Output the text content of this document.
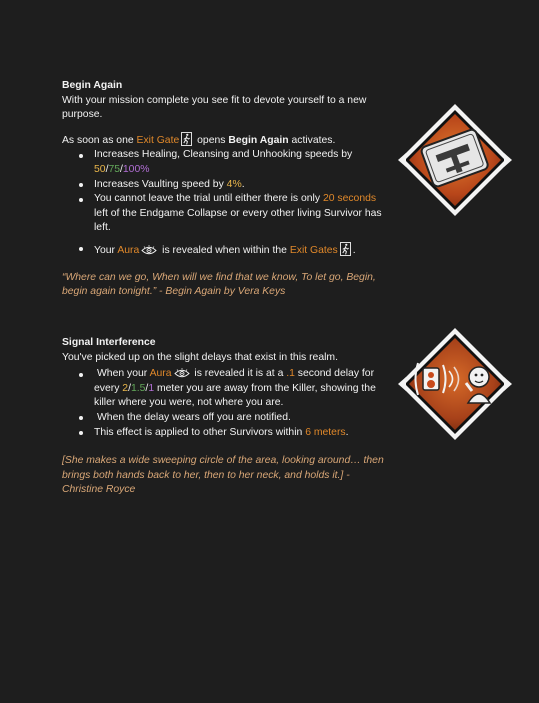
Begin Again
With your mission complete you see fit to devote yourself to a new purpose.
As soon as one Exit Gate opens Begin Again activates.
Increases Healing, Cleansing and Unhooking speeds by 50/75/100%
Increases Vaulting speed by 4%.
You cannot leave the trial until either there is only 20 seconds left of the Endgame Collapse or every other living Survivor has left.
Your Aura is revealed when within the Exit Gates .
“Where can we go, When will we find that we know, To let go, Begin, begin again tonight.” - Begin Again by Vera Keys
Signal Interference
You've picked up on the slight delays that exist in this realm.
When your Aura is revealed it is at a .1 second delay for every 2/1.5/1 meter you are away from the Killer, showing the killer where you were, not where you are.
When the delay wears off you are notified.
This effect is applied to other Survivors within 6 meters.
[She makes a wide sweeping circle of the area, looking around… then brings both hands back to her, then to her neck, and holds it.] - Christine Royce
